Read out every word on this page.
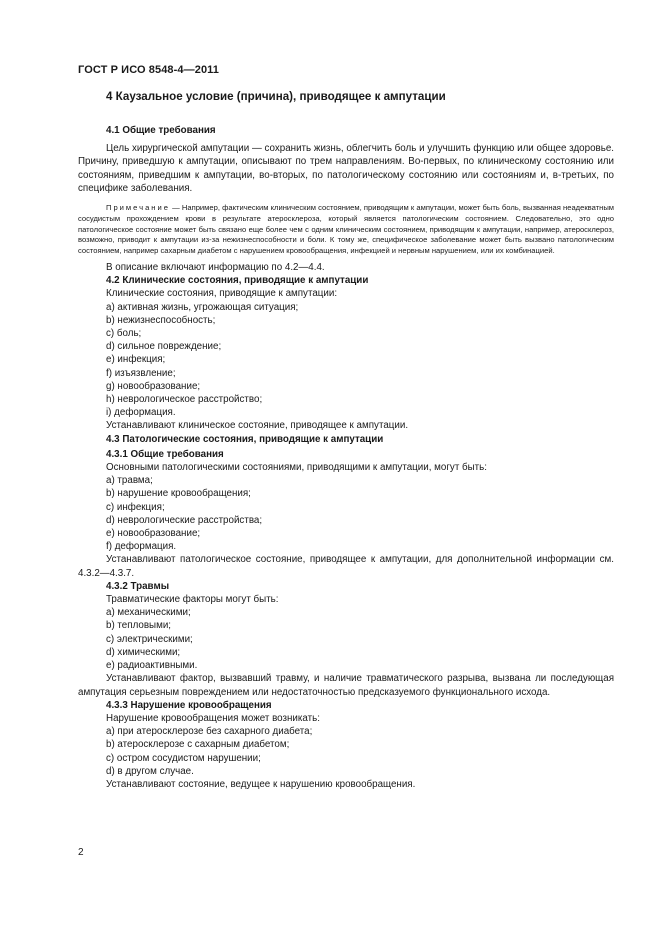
ГОСТ Р ИСО 8548-4—2011
4 Каузальное условие (причина), приводящее к ампутации
4.1 Общие требования

Цель хирургической ампутации — сохранить жизнь, облегчить боль и улучшить функцию или общее здоровье. Причину, приведшую к ампутации, описывают по трем направлениям. Во-первых, по клиническому состоянию или состояниям, приведшим к ампутации, во-вторых, по патологическому состоянию или состояниям и, в-третьих, по специфике заболевания.

Примечание — Например, фактическим клиническим состоянием, приводящим к ампутации, может быть боль, вызванная неадекватным сосудистым прохождением крови в результате атеросклероза, который является патологическим состоянием. Следовательно, это одно патологическое состояние может быть связано еще более чем с одним клиническим состоянием, приводящим к ампутации, например, атеросклероз, возможно, приводит к ампутации из-за нежизнеспособности и боли. К тому же, специфическое заболевание может быть вызвано патологическим состоянием, например сахарным диабетом с нарушением кровообращения, инфекцией и нервным нарушением, или их комбинацией.

В описание включают информацию по 4.2—4.4.

4.2 Клинические состояния, приводящие к ампутации

Клинические состояния, приводящие к ампутации:

a) активная жизнь, угрожающая ситуация;
b) нежизнеспособность;
c) боль;
d) сильное повреждение;
e) инфекция;
f) изъязвление;
g) новообразование;
h) неврологическое расстройство;
i) деформация.

Устанавливают клиническое состояние, приводящее к ампутации.

4.3 Патологические состояния, приводящие к ампутации
4.3.1 Общие требования

Основными патологическими состояниями, приводящими к ампутации, могут быть:

a) травма;
b) нарушение кровообращения;
c) инфекция;
d) неврологические расстройства;
e) новообразование;
f) деформация.

Устанавливают патологическое состояние, приводящее к ампутации, для дополнительной информации см. 4.3.2—4.3.7.

4.3.2 Травмы

Травматические факторы могут быть:

a) механическими;
b) тепловыми;
c) электрическими;
d) химическими;
e) радиоактивными.

Устанавливают фактор, вызвавший травму, и наличие травматического разрыва, вызвана ли последующая ампутация серьезным повреждением или недостаточностью предсказуемого функционального исхода.

4.3.3 Нарушение кровообращения

Нарушение кровообращения может возникать:

a) при атеросклерозе без сахарного диабета;
b) атеросклерозе с сахарным диабетом;
c) остром сосудистом нарушении;
d) в другом случае.

Устанавливают состояние, ведущее к нарушению кровообращения.

2
